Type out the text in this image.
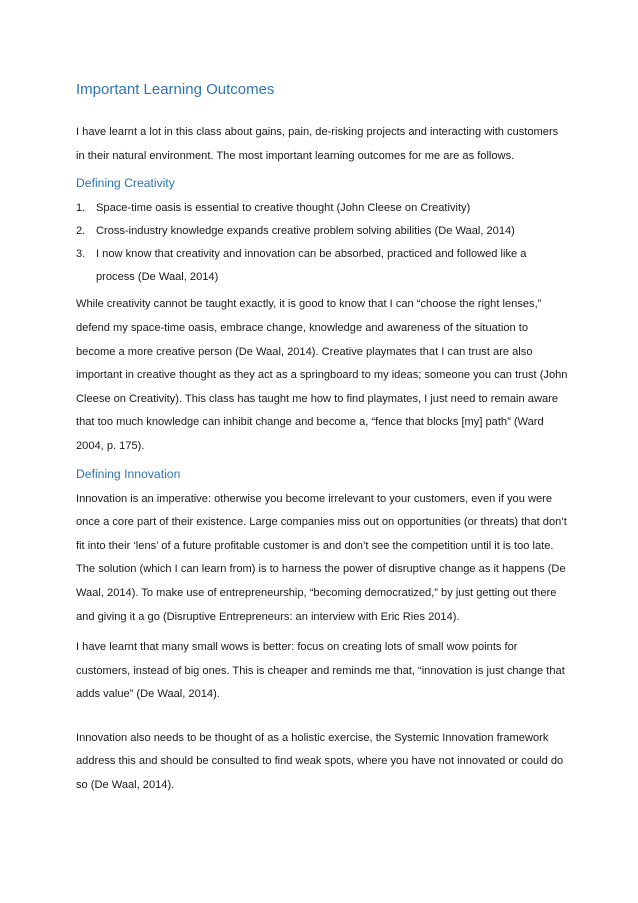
Important Learning Outcomes

I have learnt a lot in this class about gains, pain, de-risking projects and interacting with customers in their natural environment. The most important learning outcomes for me are as follows.

Defining Creativity
1. Space-time oasis is essential to creative thought (John Cleese on Creativity)
2. Cross-industry knowledge expands creative problem solving abilities (De Waal, 2014)
3. I now know that creativity and innovation can be absorbed, practiced and followed like a process (De Waal, 2014)

While creativity cannot be taught exactly, it is good to know that I can “choose the right lenses,” defend my space-time oasis, embrace change, knowledge and awareness of the situation to become a more creative person (De Waal, 2014). Creative playmates that I can trust are also important in creative thought as they act as a springboard to my ideas; someone you can trust (John Cleese on Creativity). This class has taught me how to find playmates, I just need to remain aware that too much knowledge can inhibit change and become a, “fence that blocks [my] path” (Ward 2004, p. 175).

Defining Innovation

Innovation is an imperative: otherwise you become irrelevant to your customers, even if you were once a core part of their existence. Large companies miss out on opportunities (or threats) that don’t fit into their ‘lens’ of a future profitable customer is and don’t see the competition until it is too late. The solution (which I can learn from) is to harness the power of disruptive change as it happens (De Waal, 2014). To make use of entrepreneurship, “becoming democratized,” by just getting out there and giving it a go (Disruptive Entrepreneurs: an interview with Eric Ries 2014).

I have learnt that many small wows is better: focus on creating lots of small wow points for customers, instead of big ones. This is cheaper and reminds me that, “innovation is just change that adds value” (De Waal, 2014).

Innovation also needs to be thought of as a holistic exercise, the Systemic Innovation framework address this and should be consulted to find weak spots, where you have not innovated or could do so (De Waal, 2014).
